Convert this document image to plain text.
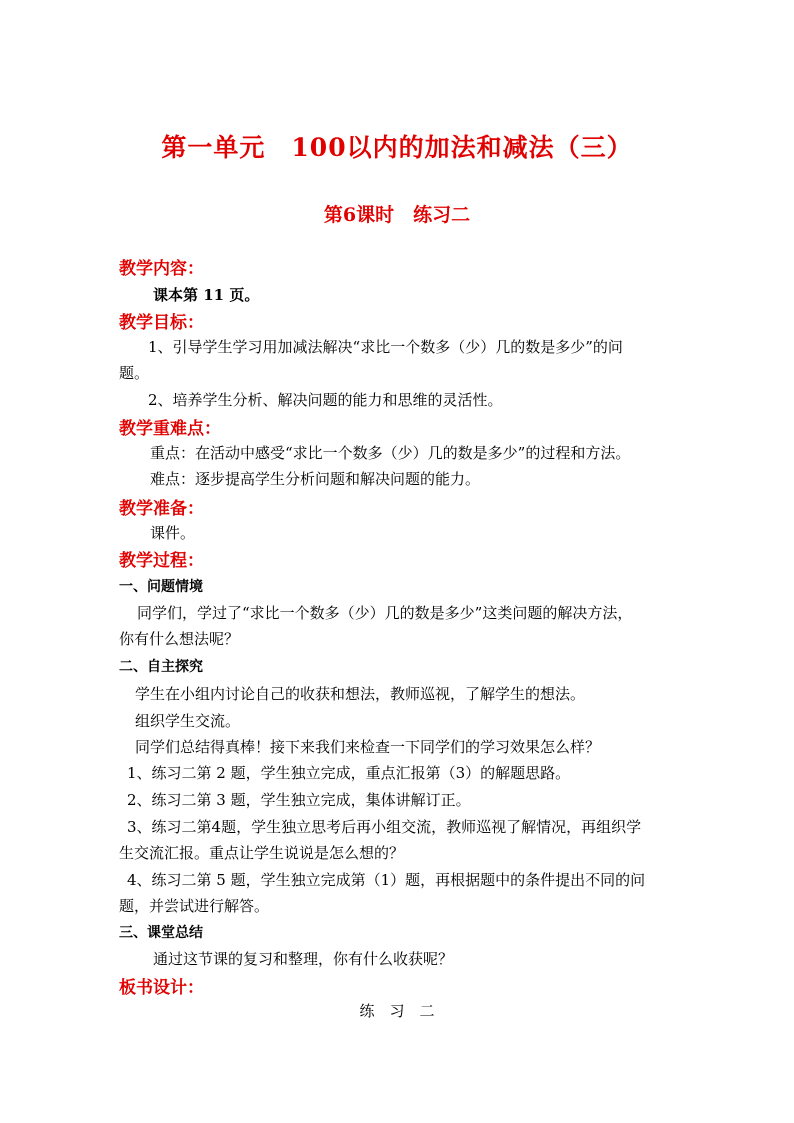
第一单元　100以内的加法和减法（三）
第6课时　练习二
教学内容：
课本第 11 页。
教学目标：
1、引导学生学习用加减法解决“求比一个数多（少）几的数是多少”的问
题。
2、培养学生分析、解决问题的能力和思维的灵活性。
教学重难点：
重点：在活动中感受“求比一个数多（少）几的数是多少”的过程和方法。
难点：逐步提高学生分析问题和解决问题的能力。
教学准备：
课件。
教学过程：
一、问题情境
同学们，学过了“求比一个数多（少）几的数是多少”这类问题的解决方法，
你有什么想法呢？
二、自主探究
学生在小组内讨论自己的收获和想法，教师巡视，了解学生的想法。
组织学生交流。
同学们总结得真棒！接下来我们来检查一下同学们的学习效果怎么样？
1、练习二第 2 题，学生独立完成，重点汇报第（3）的解题思路。
2、练习二第 3 题，学生独立完成，集体讲解订正。
3、练习二第4题，学生独立思考后再小组交流，教师巡视了解情况，再组织学
生交流汇报。重点让学生说说是怎么想的？
4、练习二第 5 题，学生独立完成第（1）题，再根据题中的条件提出不同的问
题，并尝试进行解答。
三、课堂总结
通过这节课的复习和整理，你有什么收获呢？
板书设计：
练　习　二
